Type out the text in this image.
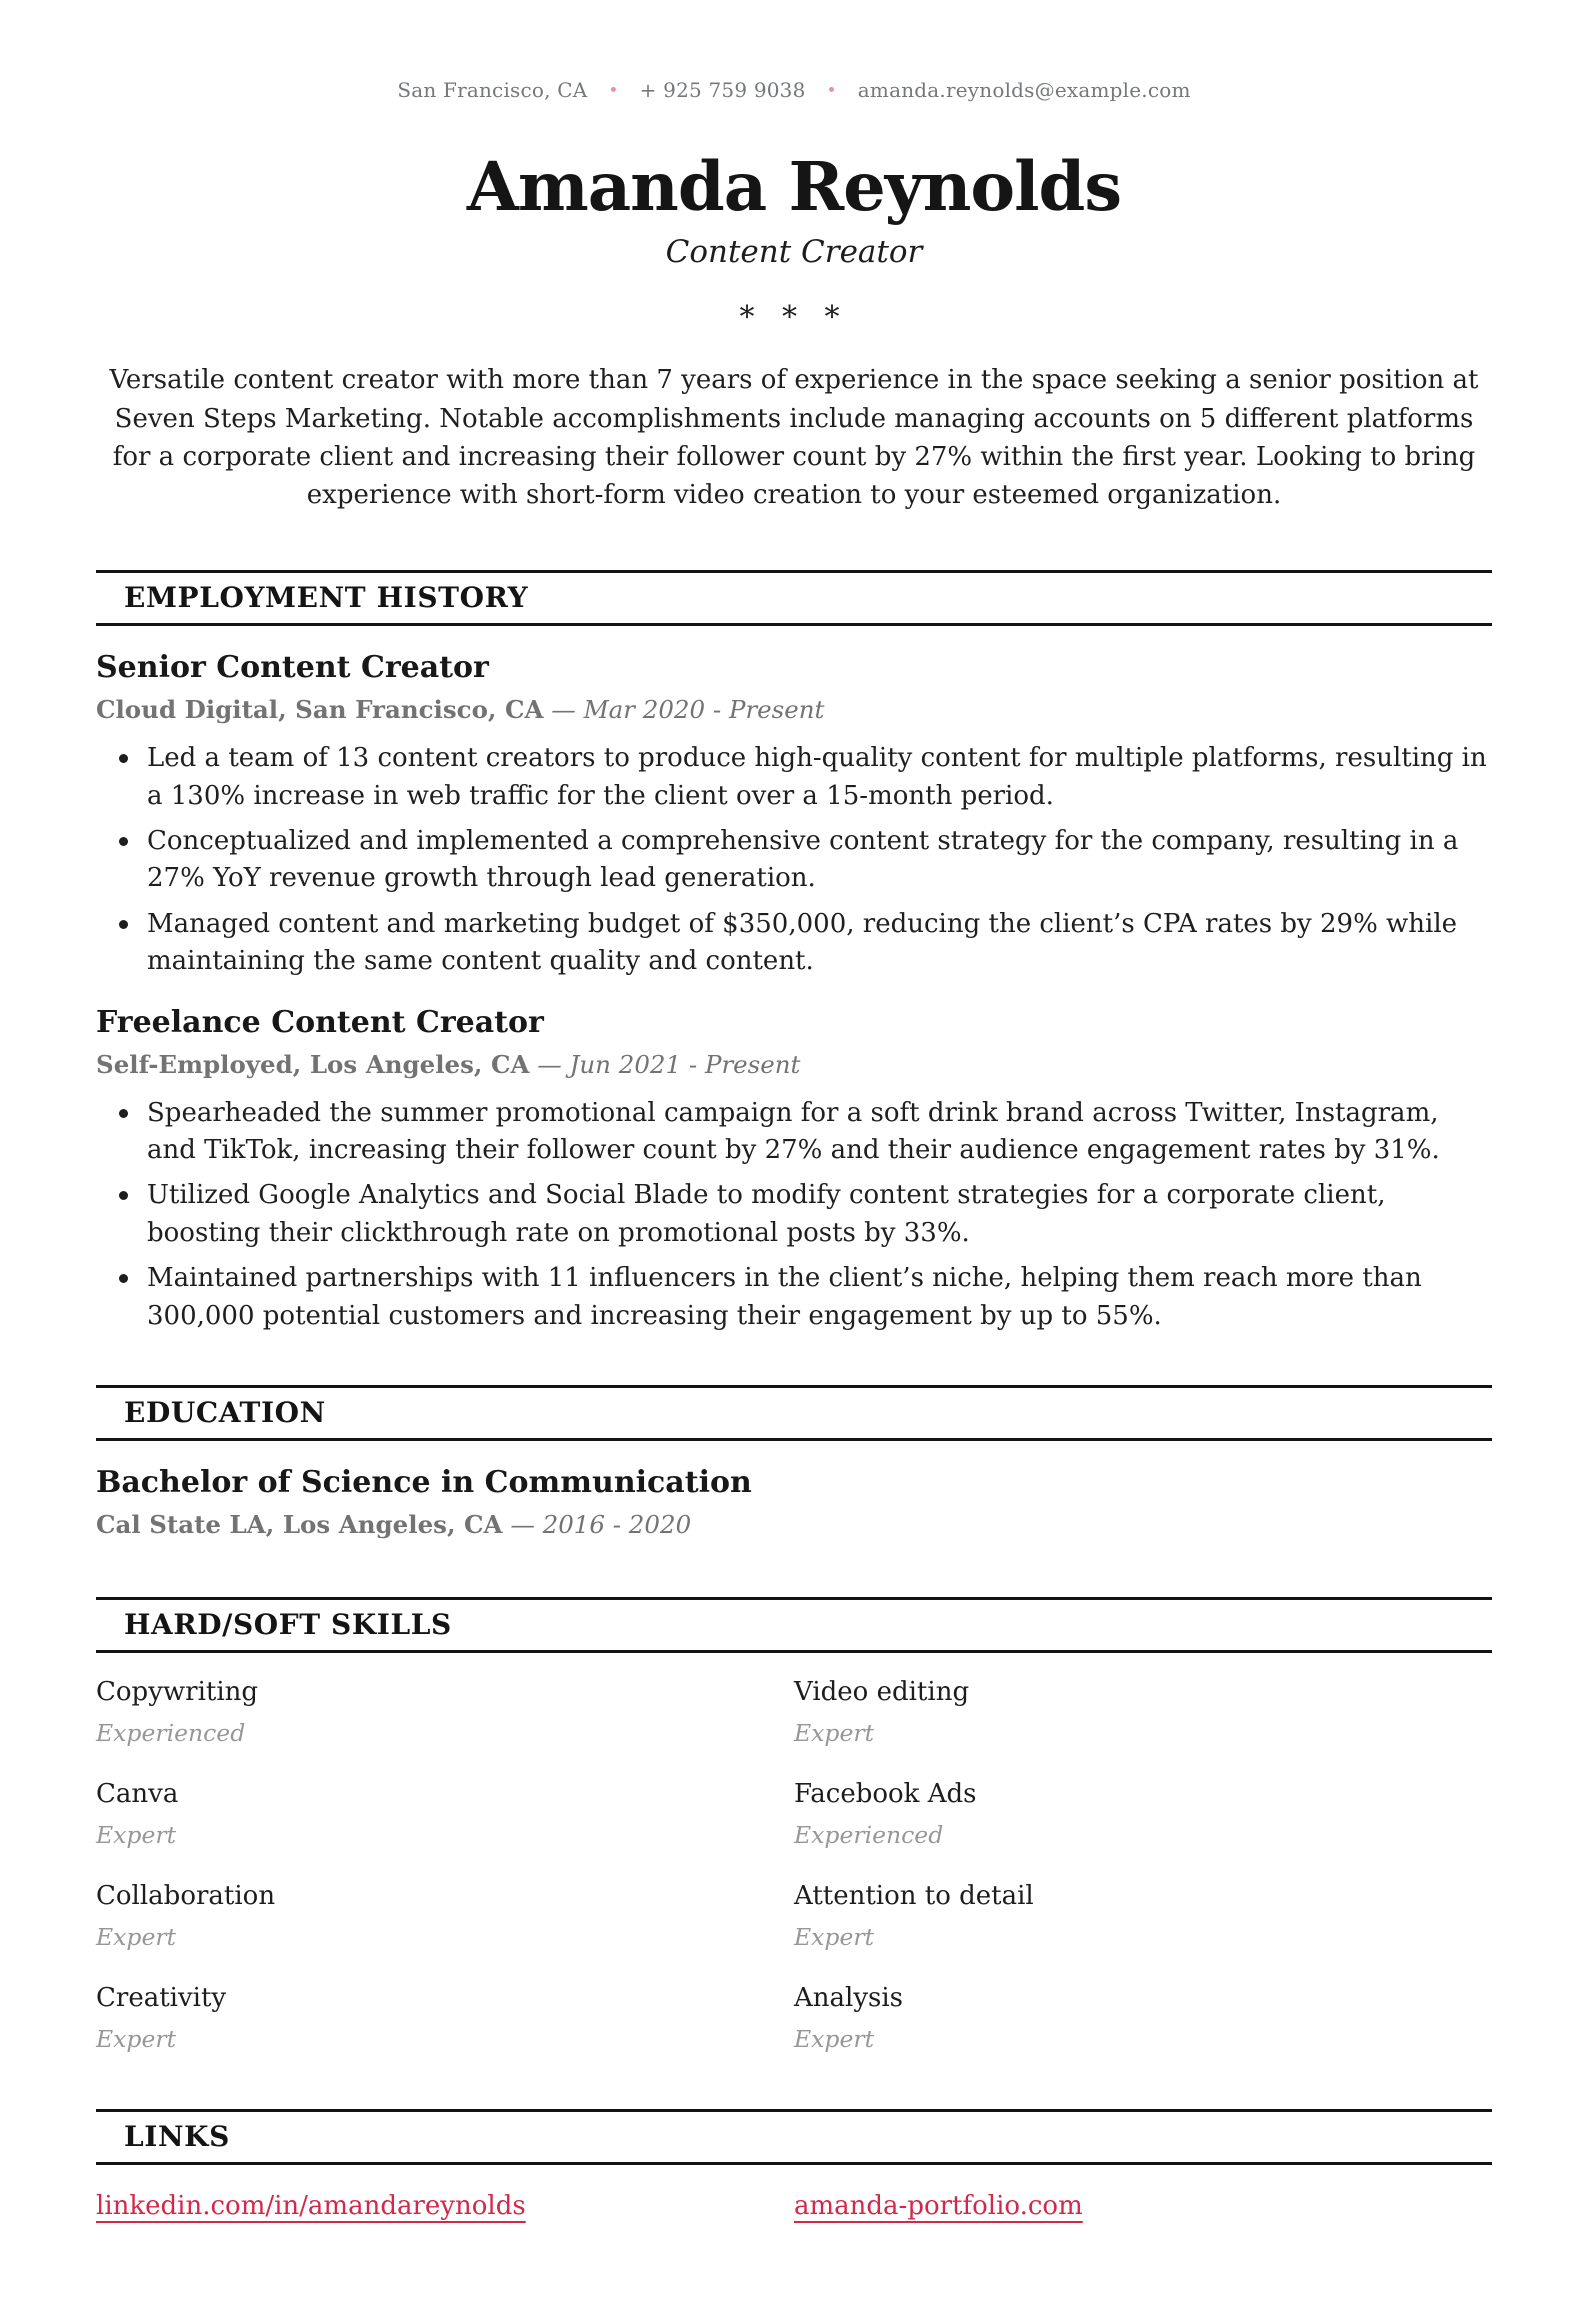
San Francisco, CA • + 925 759 9038 • amanda.reynolds@example.com
Amanda Reynolds
Content Creator
* * *

Versatile content creator with more than 7 years of experience in the space seeking a senior position at Seven Steps Marketing. Notable accomplishments include managing accounts on 5 different platforms for a corporate client and increasing their follower count by 27% within the first year. Looking to bring experience with short-form video creation to your esteemed organization.

EMPLOYMENT HISTORY
Senior Content Creator
Cloud Digital, San Francisco, CA — Mar 2020 - Present
Led a team of 13 content creators to produce high-quality content for multiple platforms, resulting in a 130% increase in web traffic for the client over a 15-month period.
Conceptualized and implemented a comprehensive content strategy for the company, resulting in a 27% YoY revenue growth through lead generation.
Managed content and marketing budget of $350,000, reducing the client’s CPA rates by 29% while maintaining the same content quality and content.
Freelance Content Creator
Self-Employed, Los Angeles, CA — Jun 2021 - Present
Spearheaded the summer promotional campaign for a soft drink brand across Twitter, Instagram, and TikTok, increasing their follower count by 27% and their audience engagement rates by 31%.
Utilized Google Analytics and Social Blade to modify content strategies for a corporate client, boosting their clickthrough rate on promotional posts by 33%.
Maintained partnerships with 11 influencers in the client’s niche, helping them reach more than 300,000 potential customers and increasing their engagement by up to 55%.
EDUCATION
Bachelor of Science in Communication
Cal State LA, Los Angeles, CA — 2016 - 2020
HARD/SOFT SKILLS
Copywriting
Experienced
Video editing
Expert
Canva
Expert
Facebook Ads
Experienced
Collaboration
Expert
Attention to detail
Expert
Creativity
Expert
Analysis
Expert
LINKS
linkedin.com/in/amandareynolds	amanda-portfolio.com
